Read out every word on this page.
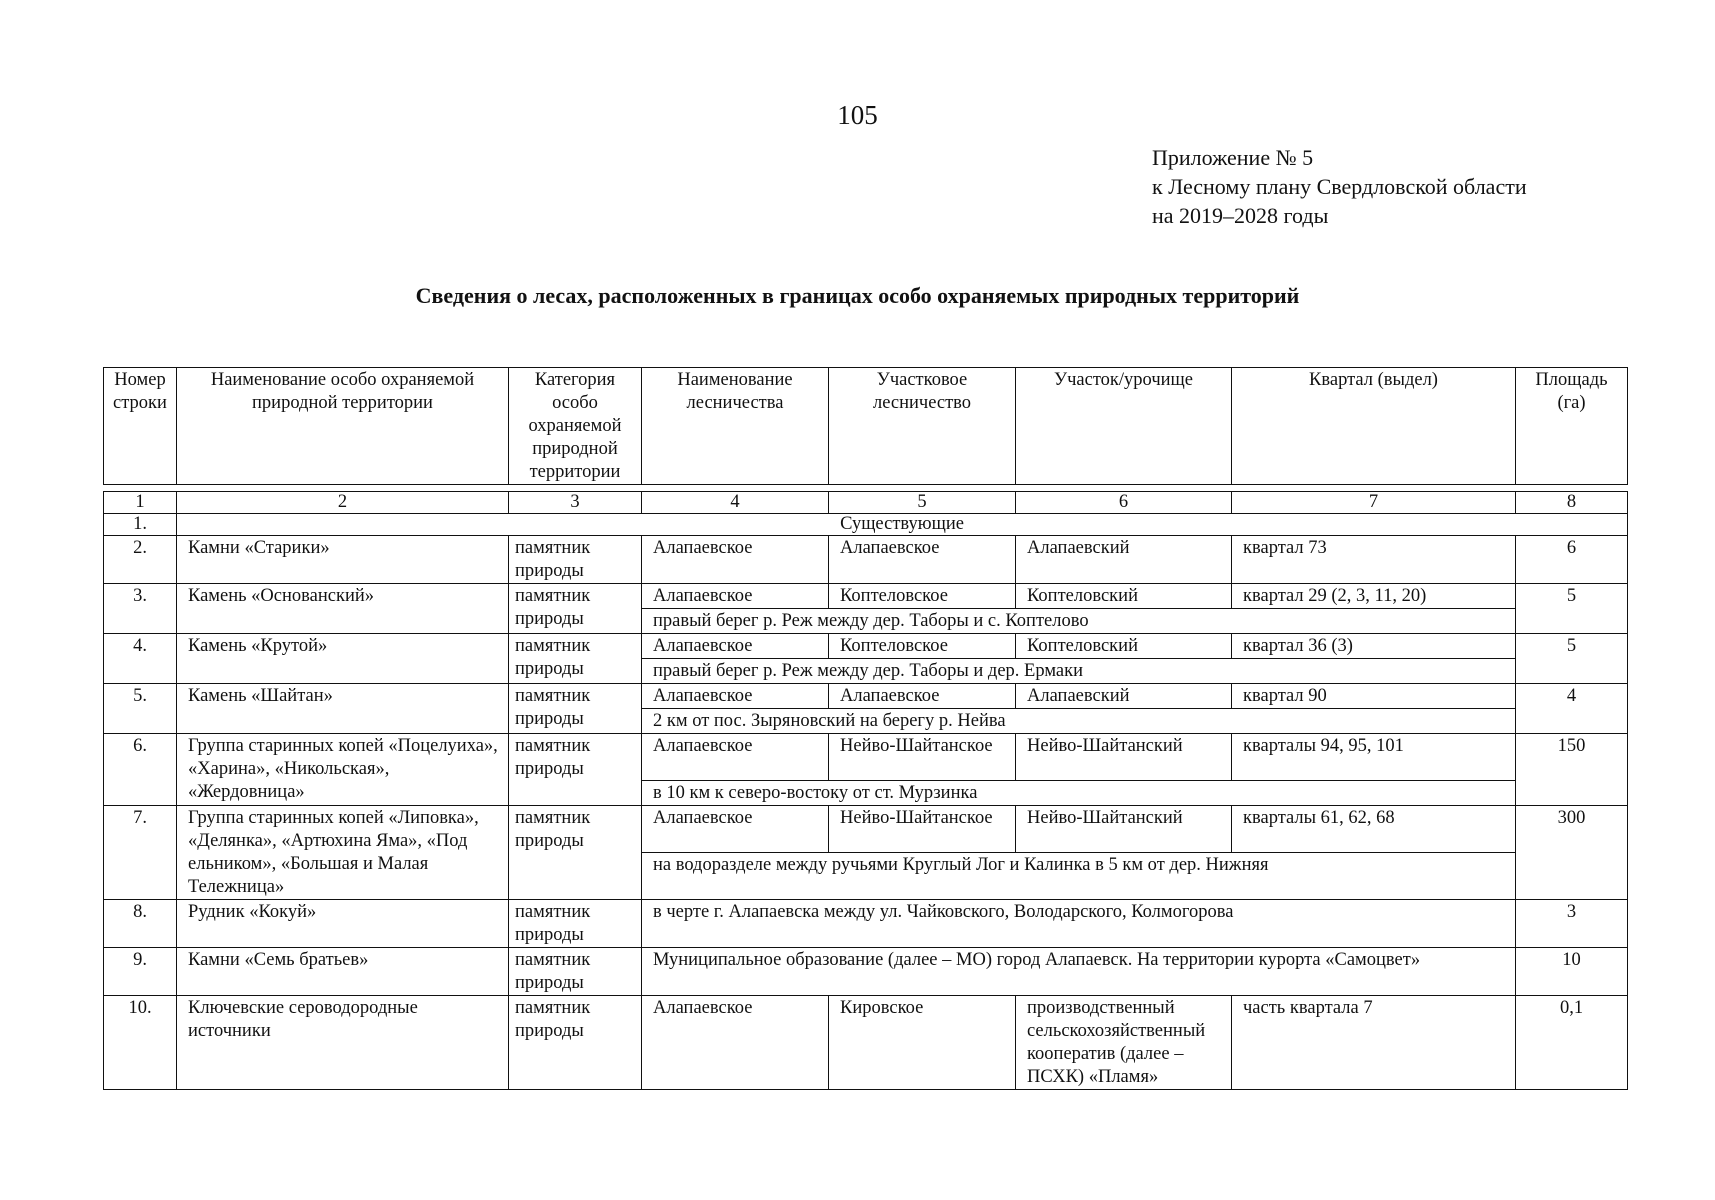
105
Приложение № 5
к Лесному плану Свердловской области
на 2019–2028 годы
Сведения о лесах, расположенных в границах особо охраняемых природных территорий
Номер строки	Наименование особо охраняемой природной территории	Категория особо охраняемой природной территории	Наименование лесничества	Участковое лесничество	Участок/урочище	Квартал (выдел)	Площадь (га)

1	2	3	4	5	6	7	8
1.	Существующие						
2.	Камни «Старики»	памятник природы	Алапаевское	Алапаевское	Алапаевский	квартал 73	6
3.	Камень «Основанский»	памятник природы	Алапаевское	Коптеловское	Коптеловский	квартал 29 (2, 3, 11, 20)	5
			правый берег р. Реж между дер. Таборы и с. Коптелово				
4.	Камень «Крутой»	памятник природы	Алапаевское	Коптеловское	Коптеловский	квартал 36 (3)	5
			правый берег р. Реж между дер. Таборы и дер. Ермаки				
5.	Камень «Шайтан»	памятник природы	Алапаевское	Алапаевское	Алапаевский	квартал 90	4
			2 км от пос. Зыряновский на берегу р. Нейва				
6.	Группа старинных копей «Поцелуиха», «Харина», «Никольская», «Жердовница»	памятник природы	Алапаевское	Нейво-Шайтанское	Нейво-Шайтанский	кварталы 94, 95, 101	150
			в 10 км к северо-востоку от ст. Мурзинка				
7.	Группа старинных копей «Липовка», «Делянка», «Артюхина Яма», «Под ельником», «Большая и Малая Тележница»	памятник природы	Алапаевское	Нейво-Шайтанское	Нейво-Шайтанский	кварталы 61, 62, 68	300
			на водоразделе между ручьями Круглый Лог и Калинка в 5 км от дер. Нижняя				
8.	Рудник «Кокуй»	памятник природы	в черте г. Алапаевска между ул. Чайковского, Володарского, Колмогорова				3
9.	Камни «Семь братьев»	памятник природы	Муниципальное образование (далее – МО) город Алапаевск. На территории курорта «Самоцвет»				10
10.	Ключевские сероводородные источники	памятник природы	Алапаевское	Кировское	производственный сельскохозяйственный кооператив (далее – ПСХК) «Пламя»	часть квартала 7	0,1
